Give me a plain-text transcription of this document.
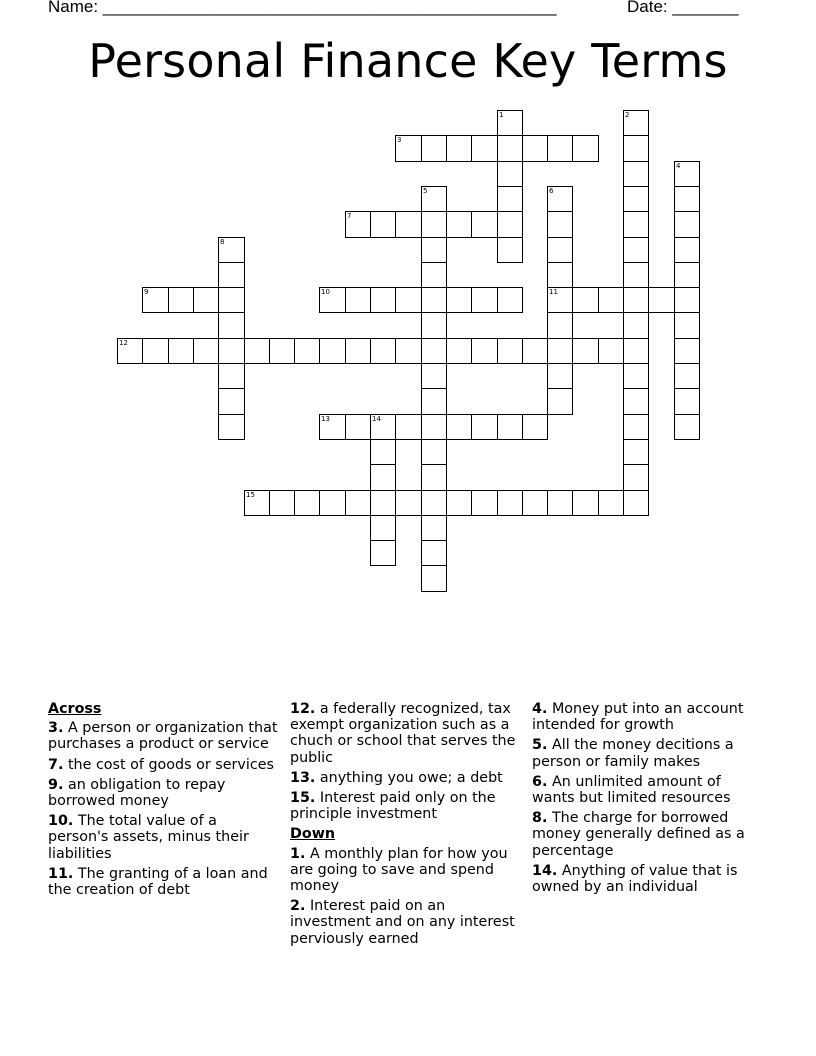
Name: ________________________________________________	Date: _______
Personal Finance Key Terms
1	2
3
4
5	6
11
7
8
9	10
12
13	14
15
Across
3. A person or organization that purchases a product or service
7. the cost of goods or services
9. an obligation to repay borrowed money
10. The total value of a person's assets, minus their liabilities
11. The granting of a loan and the creation of debt
12. a federally recognized, tax exempt organization such as a chuch or school that serves the public
13. anything you owe; a debt
15. Interest paid only on the principle investment
Down
1. A monthly plan for how you are going to save and spend money
2. Interest paid on an investment and on any interest perviously earned
4. Money put into an account intended for growth
5. All the money decitions a person or family makes
6. An unlimited amount of wants but limited resources
8. The charge for borrowed money generally defined as a percentage
14. Anything of value that is owned by an individual
